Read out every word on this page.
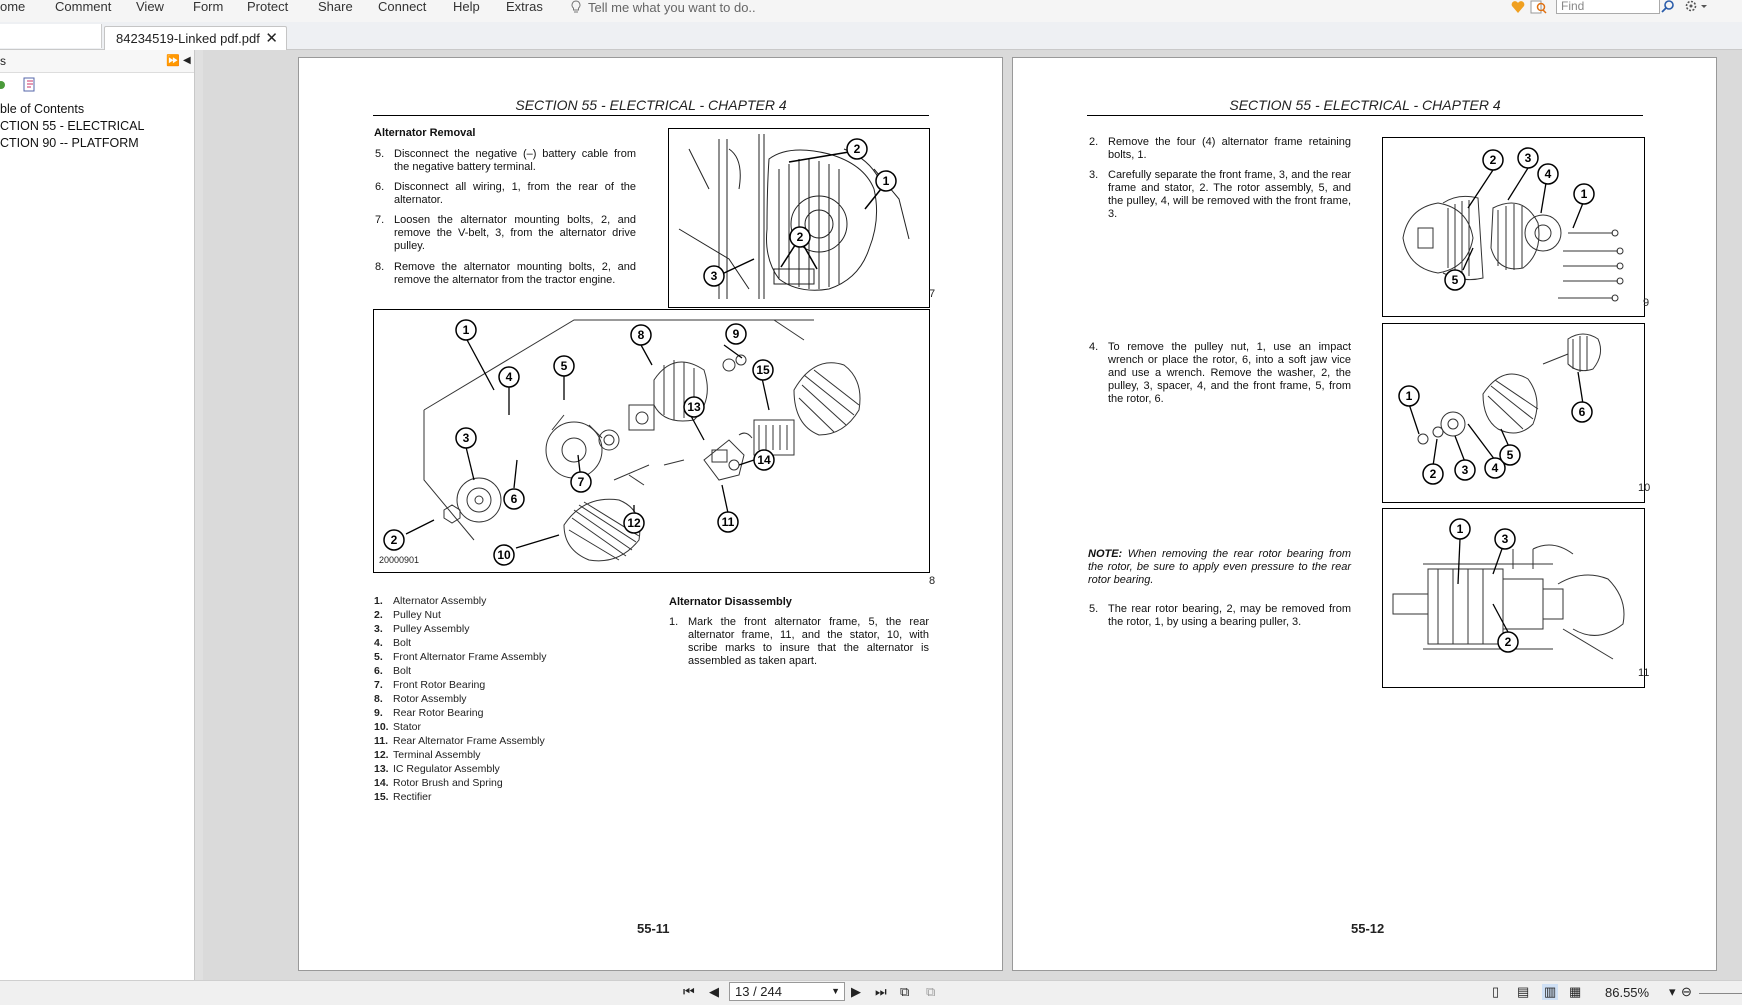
ome Comment View Form Protect Share Connect Help Extras	Tell me what you want to do..	Find
84234519-Linked pdf.pdf ✕
s	⏩ ◀
ble of Contents
CTION 55 - ELECTRICAL
CTION 90 -- PLATFORM
SECTION 55 - ELECTRICAL - CHAPTER 4
Alternator Removal
5. Disconnect the negative (–) battery cable from the negative battery terminal.
6. Disconnect all wiring, 1, from the rear of the alternator.
7. Loosen the alternator mounting bolts, 2, and remove the V-belt, 3, from the alternator drive pulley.
8. Remove the alternator mounting bolts, 2, and remove the alternator from the tractor engine.
2
1
2
3
7
1
4
5
3
6
7
8	9
13
15
14
12	11
10
2
20000901
8
1. Alternator Assembly
2. Pulley Nut
3. Pulley Assembly
4. Bolt
5. Front Alternator Frame Assembly
6. Bolt
7. Front Rotor Bearing
8. Rotor Assembly
9. Rear Rotor Bearing
10. Stator
11. Rear Alternator Frame Assembly
12. Terminal Assembly
13. IC Regulator Assembly
14. Rotor Brush and Spring
15. Rectifier
Alternator Disassembly
1. Mark the front alternator frame, 5, the rear alternator frame, 11, and the stator, 10, with scribe marks to insure that the alternator is assembled as taken apart.
55-11
SECTION 55 - ELECTRICAL - CHAPTER 4
2. Remove the four (4) alternator frame retaining bolts, 1.
3. Carefully separate the front frame, 3, and the rear frame and stator, 2. The rotor assembly, 5, and the pulley, 4, will be removed with the front frame, 3.
4. To remove the pulley nut, 1, use an impact wrench or place the rotor, 6, into a soft jaw vice and use a wrench. Remove the washer, 2, the pulley, 3, spacer, 4, and the front frame, 5, from the rotor, 6.
NOTE: When removing the rear rotor bearing from the rotor, be sure to apply even pressure to the rear rotor bearing.
5. The rear rotor bearing, 2, may be removed from the rotor, 1, by using a bearing puller, 3.
2 3
4
1
5
9
1
2 3 4
5
6
10
1
3
2
11
55-12
⏮ ◀	13 / 244	▼ ▶ ⏭ ⧉ ⧉	▯ ▤ ▥ ▦ 86.55% ▾ ⊖
